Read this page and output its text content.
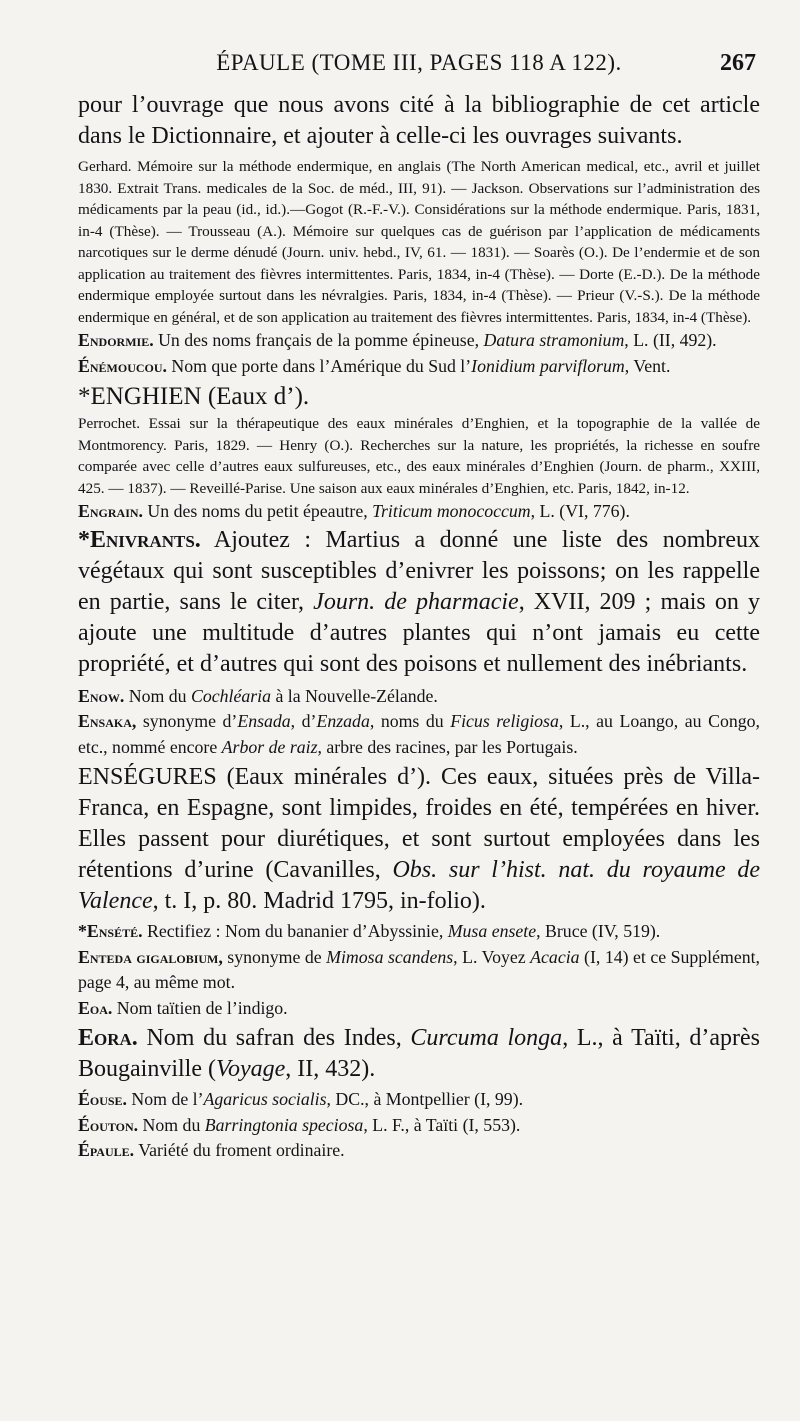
ÉPAULE (TOME III, PAGES 118 A 122).	267

pour l’ouvrage que nous avons cité à la bibliographie de cet article dans le Dictionnaire, et ajouter à celle-ci les ouvrages suivants.

Gerhard. Mémoire sur la méthode endermique, en anglais (The North American medical, etc., avril et juillet 1830. Extrait Trans. medicales de la Soc. de méd., III, 91). — Jackson. Observations sur l’administration des médicaments par la peau (id., id.).—Gogot (R.-F.-V.). Considérations sur la méthode endermique. Paris, 1831, in-4 (Thèse). — Trousseau (A.). Mémoire sur quelques cas de guérison par l’application de médicaments narcotiques sur le derme dénudé (Journ. univ. hebd., IV, 61. — 1831). — Soarès (O.). De l’endermie et de son application au traitement des fièvres intermittentes. Paris, 1834, in-4 (Thèse). — Dorte (E.-D.). De la méthode endermique employée surtout dans les névralgies. Paris, 1834, in-4 (Thèse). — Prieur (V.-S.). De la méthode endermique en général, et de son application au traitement des fièvres intermittentes. Paris, 1834, in-4 (Thèse).

Endormie. Un des noms français de la pomme épineuse, Datura stramonium, L. (II, 492).

Énémoucou. Nom que porte dans l’Amérique du Sud l’Ionidium parviflorum, Vent.

*ENGHIEN (Eaux d’).

Perrochet. Essai sur la thérapeutique des eaux minérales d’Enghien, et la topographie de la vallée de Montmorency. Paris, 1829. — Henry (O.). Recherches sur la nature, les propriétés, la richesse en soufre comparée avec celle d’autres eaux sulfureuses, etc., des eaux minérales d’Enghien (Journ. de pharm., XXIII, 425. — 1837). — Reveillé-Parise. Une saison aux eaux minérales d’Enghien, etc. Paris, 1842, in-12.

Engrain. Un des noms du petit épeautre, Triticum monococcum, L. (VI, 776).

*Enivrants. Ajoutez : Martius a donné une liste des nombreux végétaux qui sont susceptibles d’enivrer les poissons; on les rappelle en partie, sans le citer, Journ. de pharmacie, XVII, 209 ; mais on y ajoute une multitude d’autres plantes qui n’ont jamais eu cette propriété, et d’autres qui sont des poisons et nullement des inébriants.

Enow. Nom du Cochléaria à la Nouvelle-Zélande.

Ensaka, synonyme d’Ensada, d’Enzada, noms du Ficus religiosa, L., au Loango, au Congo, etc., nommé encore Arbor de raiz, arbre des racines, par les Portugais.

ENSÉGURES (Eaux minérales d’). Ces eaux, situées près de Villa-Franca, en Espagne, sont limpides, froides en été, tempérées en hiver. Elles passent pour diurétiques, et sont surtout employées dans les rétentions d’urine (Cavanilles, Obs. sur l’hist. nat. du royaume de Valence, t. I, p. 80. Madrid 1795, in-folio).

*Ensété. Rectifiez : Nom du bananier d’Abyssinie, Musa ensete, Bruce (IV, 519).

Enteda gigalobium, synonyme de Mimosa scandens, L. Voyez Acacia (I, 14) et ce Supplément, page 4, au même mot.

Eoa. Nom taïtien de l’indigo.

Eora. Nom du safran des Indes, Curcuma longa, L., à Taïti, d’après Bougainville (Voyage, II, 432).

Éouse. Nom de l’Agaricus socialis, DC., à Montpellier (I, 99).

Éouton. Nom du Barringtonia speciosa, L. F., à Taïti (I, 553).

Épaule. Variété du froment ordinaire.
